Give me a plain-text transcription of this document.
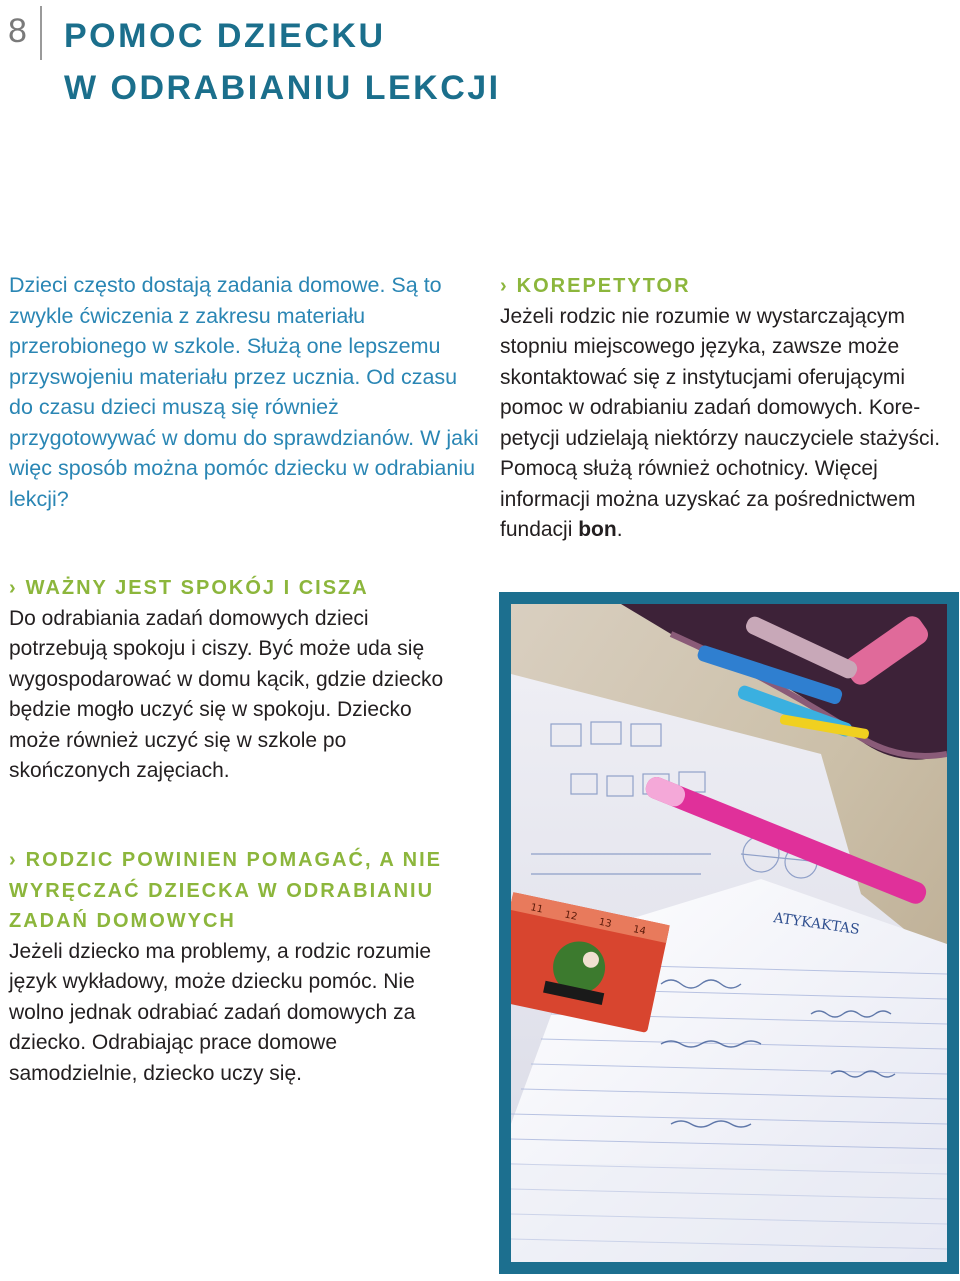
8 POMOC DZIECKU
W ODRABIANIU LEKCJI
Dzieci często dostają zadania domowe. Są to zwykle ćwiczenia z zakresu materiału przerobionego w szkole. Służą one lepszemu przyswojeniu materiału przez ucznia. Od czasu do czasu dzieci muszą się również przygotowywać w domu do sprawdzianów. W jaki więc sposób można pomóc dziecku w odrabianiu lekcji?
› WAŻNY JEST SPOKÓJ I CISZA
Do odrabiania zadań domowych dzieci potrzebują spokoju i ciszy. Być może uda się wygospodarować w domu kącik, gdzie dziecko będzie mogło uczyć się w spokoju. Dziecko może również uczyć się w szkole po skończonych zajęciach.
› KOREPETYTOR
Jeżeli rodzic nie rozumie w wystarczającym stopniu miejscowego języka, zawsze może skontaktować się z instytucjami oferującymi pomoc w odrabianiu zadań domowych. Korepetycji udzielają niektórzy nauczyciele stażyści. Pomocą służą również ochotnicy. Więcej informacji można uzyskać za pośrednictwem fundacji bon.
› RODZIC POWINIEN POMAGAĆ, A NIE WYRĘCZAĆ DZIECKA W ODRABIANIU ZADAŃ DOMOWYCH
Jeżeli dziecko ma problemy, a rodzic rozumie język wykładowy, może dziecku pomóc. Nie wolno jednak odrabiać zadań domowych za dziecko. Odrabiając prace domowe samodzielnie, dziecko uczy się.
ATYKAKTAS
11
12
13
14
